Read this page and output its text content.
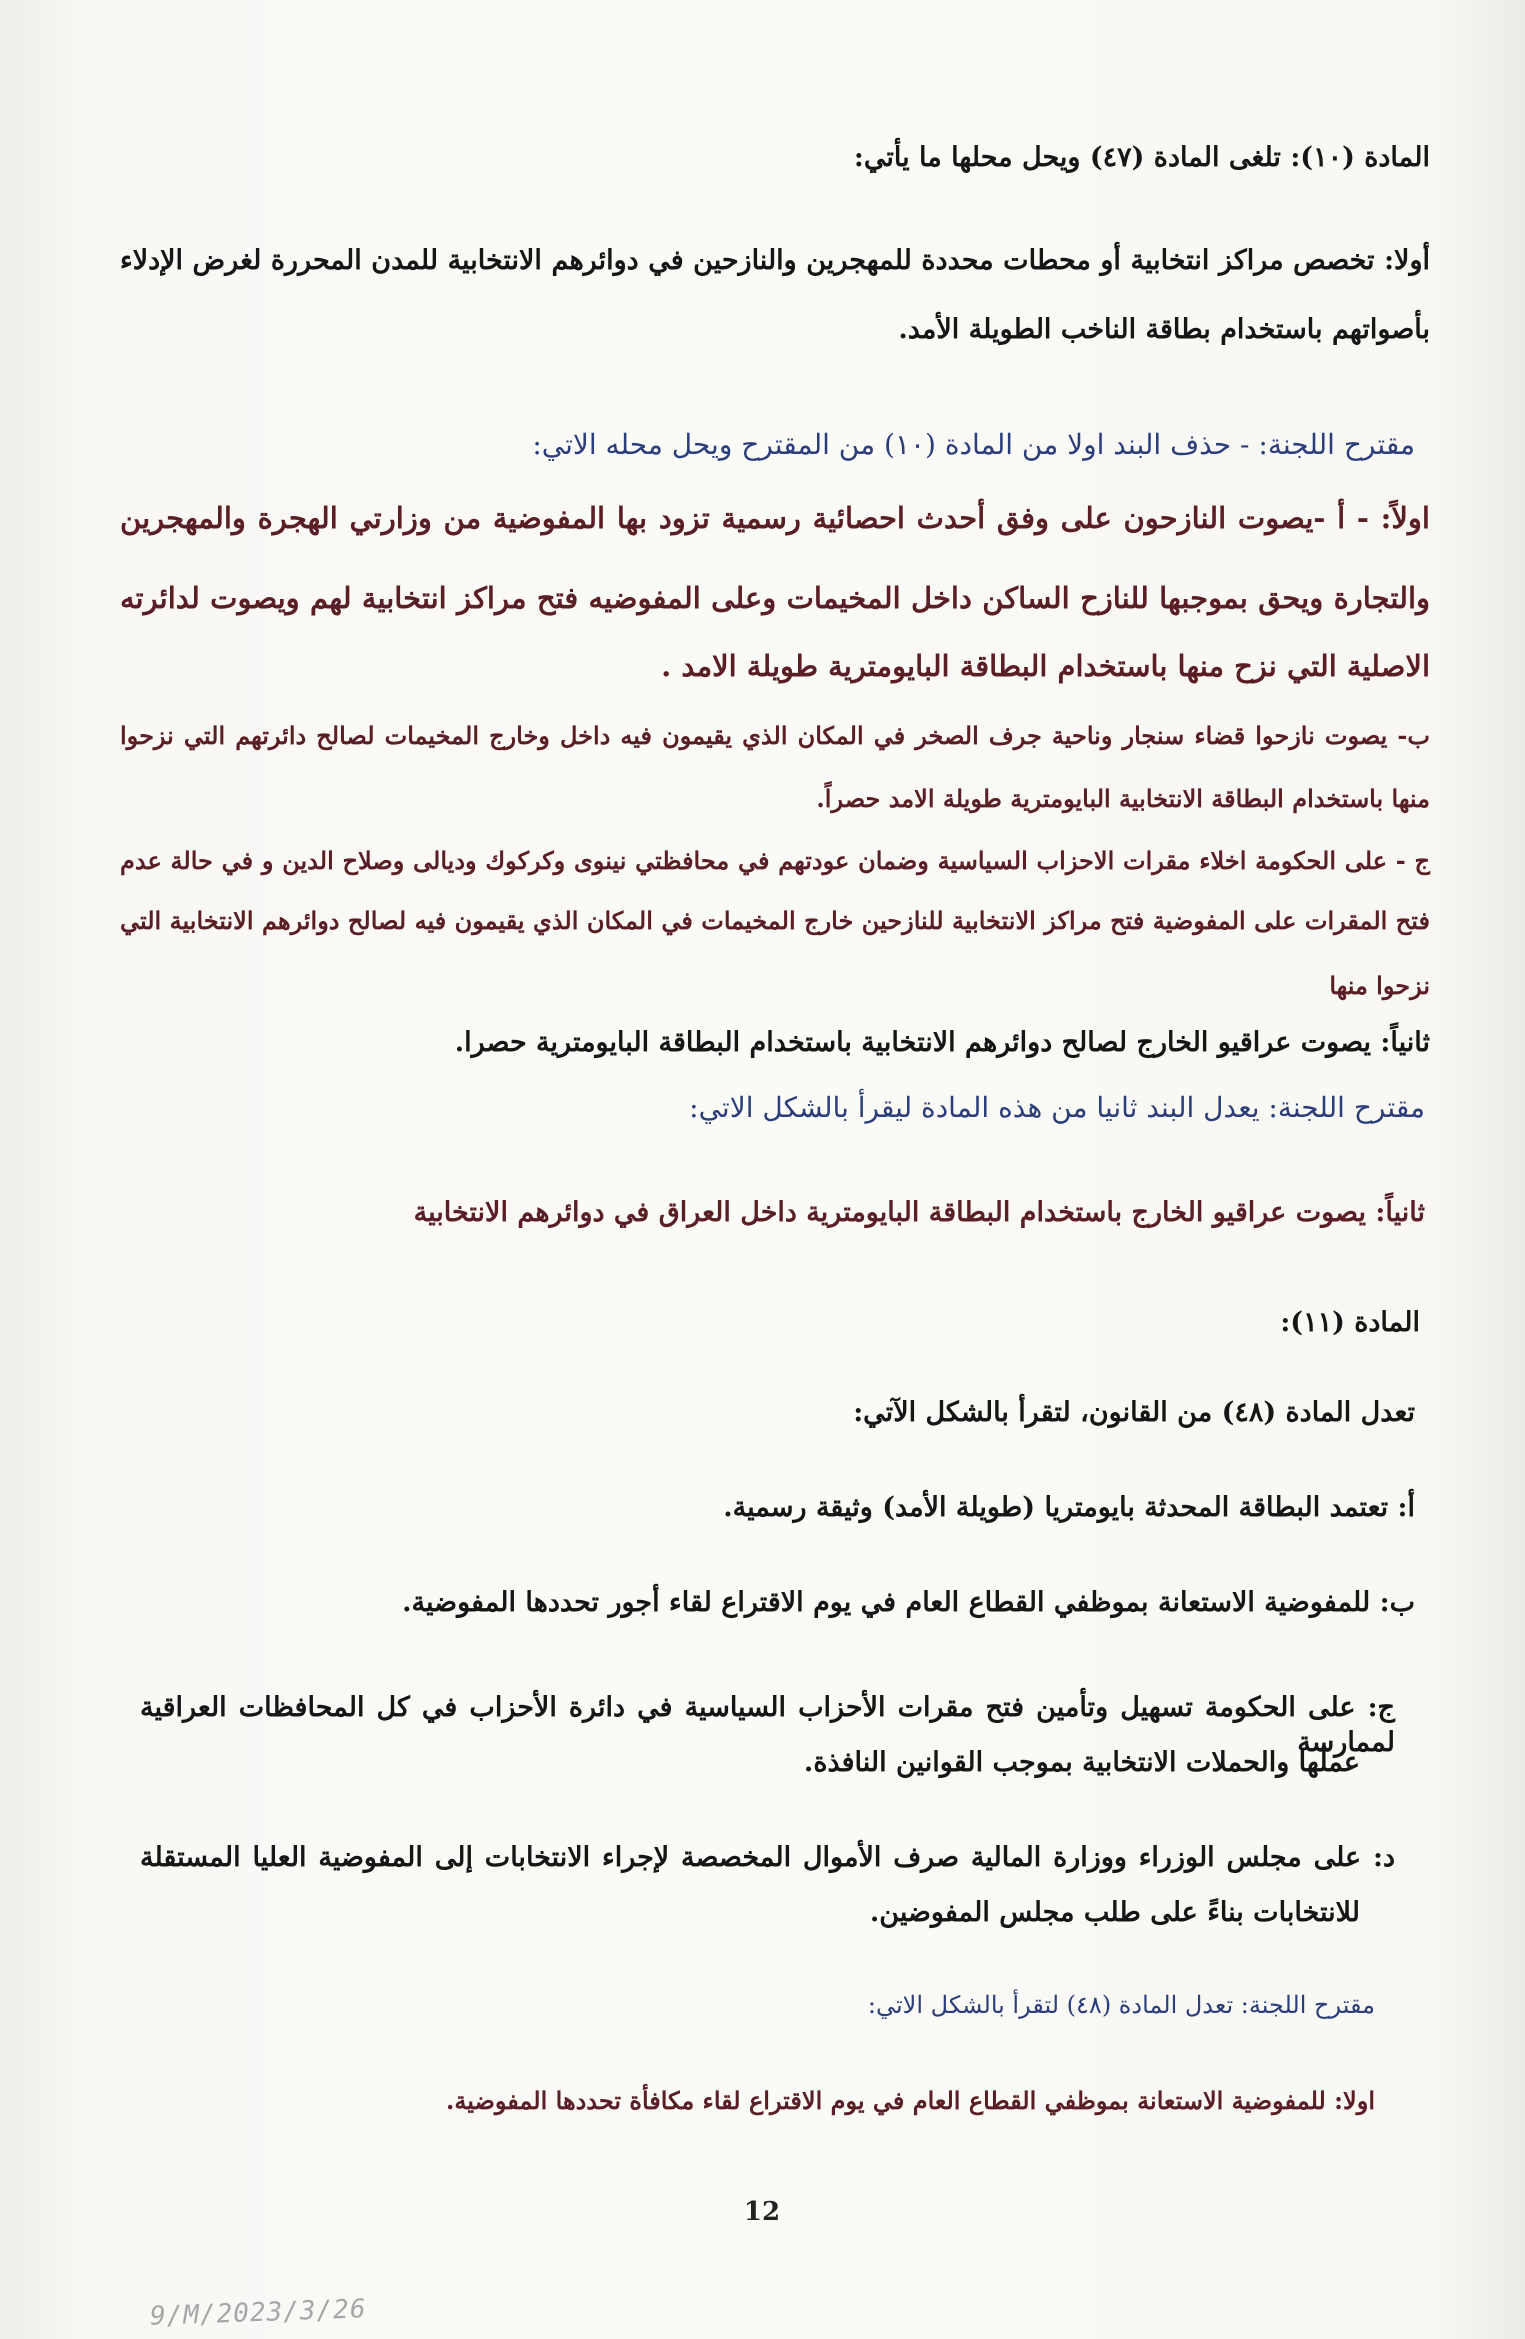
المادة (١٠): تلغى المادة (٤٧) ويحل محلها ما يأتي:
أولا: تخصص مراكز انتخابية أو محطات محددة للمهجرين والنازحين في دوائرهم الانتخابية للمدن المحررة لغرض الإدلاء
بأصواتهم باستخدام بطاقة الناخب الطويلة الأمد.
مقترح اللجنة: - حذف البند اولا من المادة (١٠) من المقترح ويحل محله الاتي:
اولاً: - أ -يصوت النازحون على وفق أحدث احصائية رسمية تزود بها المفوضية من وزارتي الهجرة والمهجرين
والتجارة ويحق بموجبها للنازح الساكن داخل المخيمات وعلى المفوضيه فتح مراكز انتخابية لهم ويصوت لدائرته
الاصلية التي نزح منها باستخدام البطاقة البايومترية طويلة الامد .
ب- يصوت نازحوا قضاء سنجار وناحية جرف الصخر في المكان الذي يقيمون فيه داخل وخارج المخيمات لصالح دائرتهم التي نزحوا
منها باستخدام البطاقة الانتخابية البايومترية طويلة الامد حصراً.
ج - على الحكومة اخلاء مقرات الاحزاب السياسية وضمان عودتهم في محافظتي نينوى وكركوك وديالى وصلاح الدين و في حالة عدم
فتح المقرات على المفوضية فتح مراكز الانتخابية للنازحين خارج المخيمات في المكان الذي يقيمون فيه لصالح دوائرهم الانتخابية التي
نزحوا منها
ثانياً: يصوت عراقيو الخارج لصالح دوائرهم الانتخابية باستخدام البطاقة البايومترية حصرا.
مقترح اللجنة: يعدل البند ثانيا من هذه المادة ليقرأ بالشكل الاتي:
ثانياً: يصوت عراقيو الخارج باستخدام البطاقة البايومترية داخل العراق في دوائرهم الانتخابية
المادة (١١):
تعدل المادة (٤٨) من القانون، لتقرأ بالشكل الآتي:
أ: تعتمد البطاقة المحدثة بايومتريا (طويلة الأمد) وثيقة رسمية.
ب: للمفوضية الاستعانة بموظفي القطاع العام في يوم الاقتراع لقاء أجور تحددها المفوضية.
ج: على الحكومة تسهيل وتأمين فتح مقرات الأحزاب السياسية في دائرة الأحزاب في كل المحافظات العراقية لممارسة
عملها والحملات الانتخابية بموجب القوانين النافذة.
د: على مجلس الوزراء ووزارة المالية صرف الأموال المخصصة لإجراء الانتخابات إلى المفوضية العليا المستقلة
للانتخابات بناءً على طلب مجلس المفوضين.
مقترح اللجنة: تعدل المادة (٤٨) لتقرأ بالشكل الاتي:
اولا: للمفوضية الاستعانة بموظفي القطاع العام في يوم الاقتراع لقاء مكافأة تحددها المفوضية.
12
9/M/2023/3/26
